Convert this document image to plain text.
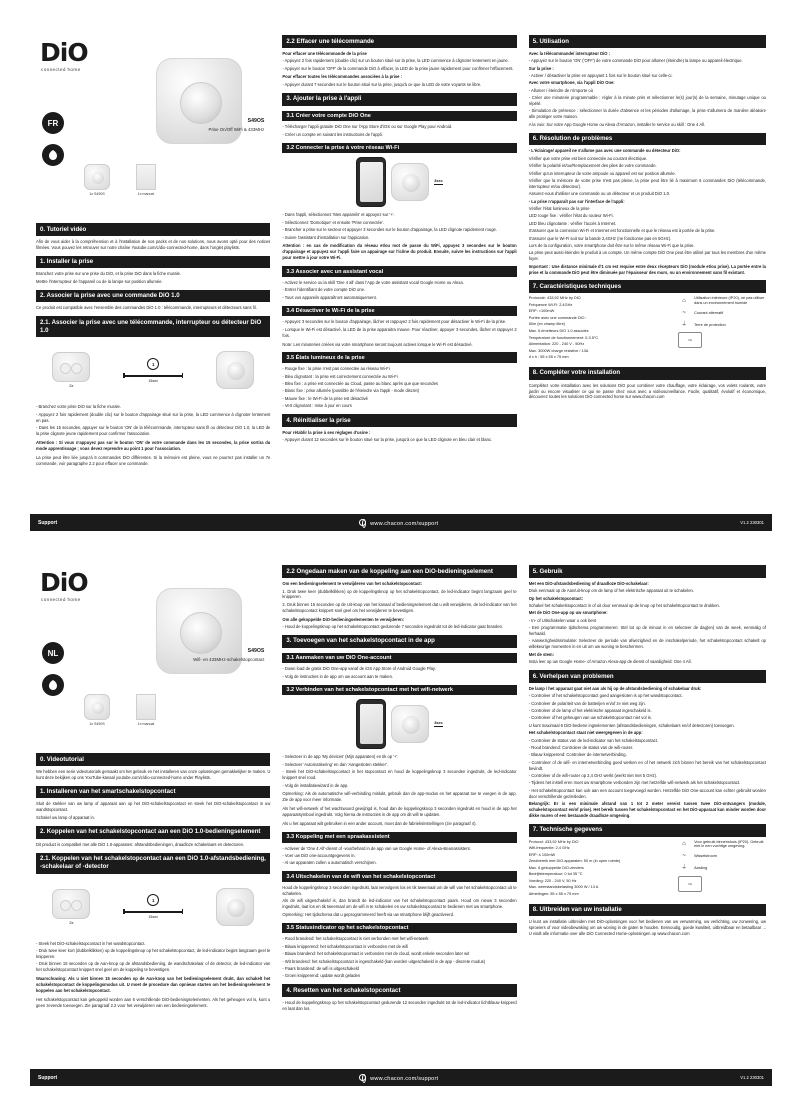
DiO
connected home
FR	S49OS
Prise On/Off WiFi & 433MHz
1x S490S	1x manuel
0. Tutoriel vidéo

Afin de vous aider à la compréhension et à l'installation de nos packs et de nos solutions, nous avons opté pour des notices filmées. Vous pouvez les retrouver sur notre chaîne Youtube.com/c/dio-connected-home, dans l'onglet playlists.

1. Installer la prise

Branchez votre prise sur une prise du DiO, et la prise DiO dans la fiche murale.

Mettre l'interrupteur de l'appareil ou de la lampe sur position allumée.

2. Associer la prise avec une commande DiO 1.0

Ce produit est compatible avec l'ensemble des commandes DiO 1.0 : télécommande, interrupteurs et détecteurs sans fil.

2.1. Associer la prise avec une télécommande, interrupteur ou détecteur DiO 1.0
2x
1
15sec

- Branchez votre prise DiO sur la fiche murale.

- Appuyez 2 fois rapidement (double clic) sur le bouton d'appairage situé sur la prise, la LED commence à clignoter lentement en pas.

- Dans les 15 secondes, appuyer sur le bouton 'ON' de la télécommande, interrupteur sans fil ou détecteur DiO 1.0, la LED de la prise clignote jeune rapidement pour confirmer l'association.

Attention : Si vous n'appuyez pas sur le bouton 'ON' de votre commande dans les 15 secondes, la prise sortira du mode apprentissage ; vous devez reprendre au point 1 pour l'association.

La prise peut être liée jusqu'à 6 commandes DiO différentes. Si la mémoire est pleine, vous ne pourrez pas installer un 7e commande, voir paragraphe 2.2 pour effacer une commande.

2.2 Effacer une télécommande

Pour effacer une télécommande de la prise

- Appuyez 2 fois rapidement (double clic) sur un bouton situé sur la prise, la LED commence à clignoter lentement en jaune.

- Appuyer sur le bouton 'OFF' de la commande DiO à effacer, la LED de la prise jaune rapidement pour confirmer l'effacement.

Pour effacer toutes les télécommandes associées à la prise :

- Appuyer durant 7 secondes sur le bouton situé sur la prise, jusqu'à ce que la LED de votre voyants se libre.

3. Ajouter la prise à l'appli
3.1 Créer votre compte DiO One

- Télécharger l'appli gratuite DiO One sur l'App Store d'iOS ou sur Google Play pour Android.

- Créer un compte en suivant les instructions de l'appli.

3.2 Connecter la prise à votre réseau Wi-Fi
3sec

- Dans l'appli, sélectionnez 'Mes appareils' et appuyez sur '+'.

- Sélectionnez 'Domotique' et ensuite 'Prise connectée'.

- Brancher a prise sur le secteur et appuyer 3 secondes sur le bouton d'appairage, la LED clignote rapidement rouge.

- Suivre l'assistant d'installation sur l'appication.

Attention : en cas de modification du réseau et/ou mot de passe du WiFi, appuyez 3 secondes sur le bouton d'appairage et appuyez sur l'appli faire un appairage sur l'icône du produit. Ensuite, suivre les instructions sur l'appli pour mettre à jour votre Wi-Fi.

3.3 Associer avec un assistant vocal

- Activez le service ou la skill 'One 4 all' dans l'App de votre assistant vocal Google Home ou Alexa.

- Entrer l'identifiant de votre compte DiO one.

- Tous vos appareils apparaîtront automatiquement.

3.4 Désactiver le Wi-Fi de la prise

- Appuyez 3 secondes sur le bouton d'appairage, lâcher et rappuyez 2 fois rapidement pour désactiver le Wi-Fi de la prise.

- Lorsque le Wi-Fi est désactivé, la LED de la prise apparaitra mauve. Pour réactiver, appuyer 3 secondes, lâcher et rappuyer 2 fois.

Note: Les minuteries créées via votre smartphone seront toujours actives lorsque le Wi-Fi est désactivé.

3.5 États lumineux de la prise

- Rouge fixe : la prise n'est pas connectée au réseau Wi-Fi

- Bleu clignotant : la prise est correctement connectée au Wi-Fi

- Bleu fixe : a prise est connectée au Cloud, passe au blanc après que que secondes

- Blanc fixe : prise allumée (possible de l'éteindre via l'appli - mode discret)

- Mauve fixe : le Wi-Fi de la prise est désactivé

- Vert clignotant : mise à jour en cours

4. Réinitialiser la prise

Pour rétablir la prise à ses réglages d'usine :

- Appuyer durant 12 secondes sur le bouton situé sur la prise, jusqu'à ce que la LED clignote en bleu clair et blanc.

5. Utilisation

Avec la télécommande/ interrupteur DiO :

- Appuyez sur le bouton 'ON' ('OFF') de votre commande DiO pour allumer (éteindre) la lampe ou appareil électrique.

Sur la prise :

- Activer / désactiver la prise en appuyant 1 fois sur le bouton situé sur celle-ci.

Avec votre smartphone, via l'appli DiO One:

- Allumer / éteindre de n'importe où

- Créer une minuterie programmable : régler à la minute près et sélectionner le(s) jour(s) de la semaine, minutage unique ou répété.

- Simulation de présence : sélectionner la durée d'absence et les périodes d'allumage, la prise s'allumera de manière aléatoire afin protéger votre maison.

A la voix: Sur votre App Google Home ou Alexa d'Amazon, installer le service ou skill : One 4 All.

6. Résolution de problèmes

- L'éclairage/ appareil ne s'allume pas avec une commande ou détecteur DiO:

Vérifier que votre prise est bien connectée au courant électrique.

Vérifier la polarité et/ou/Remplacement des piles de votre commande.

Vérifier qu'un interrupteur de votre ampoule ou appareil est sur position allumée.

Vérifier que la mémoire de votre prise n'est pas pleine, la prise peut être lié à maximum 6 commandes DiO (télécommande, interrupteur et/ou détecteur).

Assurez-vous d'utiliser une commande ou un détecteur et un produit DiO 1.0.

- La prise n'apparaît pas sur l'interface de l'appli:

Vérifier l'état lumineux de la prise

LED rouge fixe : vérifier l'état du routeur Wi-Fi.

LED bleu clignotante : vérifier l'accès à Internet.

S'assurer que la connexion Wi-Fi et Internet est fonctionnelle et que le réseau est à portée de la prise.

S'assurer que le Wi-Fi soit sur la bande 2,4GHz (ne fonctionne pas en 5GHz).

Lors de la configuration, votre smartphone doit être sur le même réseau Wi-Fi que la prise.

La prise peut aussi éteindre le produit à un compte. Un même compte DiO One peut être utilisé par tous les membres d'un même foyer.

Important : Une distance minimale d'1 cm est requise entre deux récepteurs DiO (module et/ou prise). La portée entre la prise et la commande DiO peut être diminuée par l'épaisseur des murs, ou un environnement sans fil existant.

7. Caractéristiques techniques
Protocole: 433,92 MHz by DiO
Fréquence Wi-Fi: 2,4GHz
ERP: <100mW
Portée avec une commande DiO :
50m (en champ libre)
Max. 6 émetteurs DiO 1.0 associés
Température de fonctionnement: 0-3.5°C
Alimentation: 220 - 240 V - 50Hz
Max. 3000W charge résistive / 13A
d x h : 55 x 55 x 75 mm
⌂	Utilisation intérieure (IP20), ne pas utiliser dans un environnement humide
~	Courant alternatif
⏚	Terre de protection
CE
8. Compléter votre installation

Complétez votre installation avec les solutions DiO pour combiner votre chauffage, votre éclairage, vos volets roulants, votre jardin ou encore visualiser ce qui se passe chez vous avec a vidéosurveillance. Facile, qualitatif, évolutif et économique, découvrez toutes les solutions DiO connected home sur www.chacon.com

Support	www.chacon.com/support	V1.2 230301
DiO
connected home
NL	S49OS
Wifi- en 433MHz-schakelstopcontact
1x S490S	1x manual
0. Videotutorial

We hebben een serie videotutorials gemaakt om het gebruik en het installeren van onze oplossingen gemakkelijker te maken. U kunt deze bekijken op ons YouTube-kanaal youtube.com/c/dio-connected-home onder Playlists.

1. Installeren van het smartschakelstopcontact

Sluit de stekker van uw lamp of apparaat aan op het DiO-schakelstopcontact en steek het DiO-schakelstopcontact in uw wandstopcontact.

Schakel uw lamp of apparaat in.

2. Koppelen van het schakelstopcontact aan een DiO 1.0-bedieningselement

Dit product is compatibel met alle DiO 1.0-apparaten: afstandsbedieningen, draadloze schakelaars en detectoren.

2.1. Koppelen van het schakelstopcontact aan een DiO 1.0-afstandsbediening, -schakelaar of -detector
2x
1
15sec

- Steek het DiO-schakelstopcontact in het wandstopcontact.

- Druk twee keer kort (dubbelklikken) op de koppelingsknop op het schakelstopcontact, de led-indicator begint langzaam geel te knipperen.

- Druk binnen 15 seconden op de Aan-knop op de afstandsbediening, de wandschakelaar of de detector, de led-indicator van het schakelstopcontact knippert snel geel om de koppeling te bevestigen.

Waarschuwing: Als u niet binnen 15 seconden op de Aan-knop van het bedieningselement drukt, dan schakelt het schakelstopcontact de koppelingsmodus uit. U moet de procedure dan opnieuw starten om het bedieningselement te koppelen aan het schakelstopcontact.

Het schakelstopcontact kan gekoppeld worden aan 6 verschillende DiO-bedieningselementen. Als het geheugen vol is, kunt u geen zevende toevoegen. Zie paragraaf 2.2 voor het verwijderen van een bedieningselement.

2.2 Ongedaan maken van de koppeling aan een DiO-bedieningselement

Om een bedieningselement te verwijderen van het schakelstopcontact:

1. Druk twee keer (dubbelklikken) op de koppelingsknop op het schakelstopcontact, de led-indicator begint langzaam geel te knipperen.

2. Druk binnen 15 seconden op de Uit-knop van het kanaal of bedieningselement dat u wilt verwijderen, de led-indicator van het schakelstopcontact knippert snel geel om het verwijderen te bevestigen.

Om alle gekoppelde DiO-bedieningselementen te verwijderen:

- Houd de koppelingsknop op het schakelstopcontact gedurende 7 seconden ingedrukt tot de led-indicator gaat branden.

3. Toevoegen van het schakelstopcontact in de app
3.1 Aanmaken van uw DiO One-account

- Down load de gratis DiO One-app vanaf de iOS App Store of Android Google Play.

- Volg de instructies in de app om uw account aan te maken.

3.2 Verbinden van het schakelstopcontact met het wifi-netwerk
3sec

- Selecteer in de app 'My devices' (Mijn apparaten) en tik op '+'.

- Selecteer 'Automatisering' en dan 'Aangesloten stekker'.

- Steek het DiO-schakelstopcontact in het stopcontact en houd de koppelingsknop 3 seconden ingedrukt, de led-indicator knippert snel rood.

- Volg de installatiewizard in de app.

Opmerking: Als de automatische wifi-verbinding mislukt, gebruik dan de app-modus en het apparaat toe te voegen in de app. Zie de app voor meer informatie.

Als het wifi-netwerk of het wachtwoord gewijzigd is, houd dan de koppelingsknop 3 seconden ingedrukt en houd in de app het apparaatsymbool ingedrukt. Volg hierna de instructies in de app om dit wifi te updaten.

Als u het apparaat wilt gebruiken in een ander account, moet dan de fabrieksinstellingen (zie paragraaf 4).

3.3 Koppeling met een spraakassistent

- Activeer de 'One 4 All'-dienst of -voorbehard in de app van uw Google Home- of Alexa-steunassistent.

- Voer uw DiO one-accountgegevens in.

- Al uw apparaten zullen u automatisch verschijnen.

3.4 Uitschakelen van de wifi van het schakelstopcontact

Houd de koppelingsknop 3 seconden ingedrukt, laat vervolgens los en tik tweemaal om de wifi van het schakelstopcontact uit te schakelen.

Als de wifi uitgeschakeld is, dan brandt de led-indicator van het schakelstopcontact paars. Houd om nieuw 3 seconden ingedrukt, laat los en tik tweemaal om de wifi in te schakelen en uw schakelstopcontact te bedienen met uw smartphone.

Opmerking: Het tijdschema dat u geprogrammeerd heeft via uw smartphone blijft geactiveerd.

3.5 Statusindicator op het schakelstopcontact

- Rood brandend: het schakelstopcontact is niet verbonden met het wifi-netwerk

- Blauw knipperend: het schakelstopcontact is verbonden met de wifi

- Blauw brandend: het schakelstopcontact is verbonden met de cloud, wordt enkele seconden later wit

- Wit brandend: het schakelstopcontact is ingeschakeld (kan worden uitgeschakeld in de app - discrete modus)

- Paars brandend: de wifi is uitgeschakeld

- Groen knipperend: update wordt geladen

4. Resetten van het schakelstopcontact

- Houd de koppelingsknop op het schakelstopcontact gedurende 12 seconden ingedrukt tot de led-indicator lichtblauw knipperd en laat dan los.

5. Gebruik

Met een DiO-afstandsbediening of draadloze DiO-schakelaar:

Druk eenmaal op de Aan/uit-knop om de lamp of het elektrische apparaat uit te schakelen.

Op het schakelstopcontact:

Schakel het schakelstopcontact in of uit door eenmaal op de knop op het schakelstopcontact te drukken.

Met de DiO One-app op uw smartphone:

- In- of Uitschakelen waar u ook bent

- Een programmatie tijdschema programmeren: Stel tot op de minuut in en selecteer de dag(en) van de week, eenmalig of herhaald.

- Aanwezigheidssimulatie: Selecteer de periode van afwezigheid en de inschakelperiode, het schakelstopcontact schakelt op willekeurige momenten in en uit om uw woning te beschermen.

Met de stem:

Insta leer op uw Google Home- of Amazon Alexa-app de dienst of vaardigheid: One 4 All.

6. Verhelpen van problemen

De lamp / het apparaat gaat niet aan als hij op de afstandsbediening of schakelaar druk:

- Controleer of het schakelstopcontact goed aangesloten is op het wandstopcontact.

- Controleer de polariteit van de batterijen en/of ze niet weg zijn.

- Controleer of de lamp of het elektrische apparaat ingeschakeld is.

- Controleer of het geheugen van uw schakelstopcontact niet vol is.

U kunt maximaal 6 DiO-bediene ingselementen (afstandsbedieningen, schakelaars en/of detectoren) toevoegen.

Het schakelstopcontact staat niet weergegeven in de app:

- Controleer de status van de led-indicator van het schakelstopcontact.

- Rood brandend: Controleer de status van de wifi-router.

- Blauw knipperend: Controleer de internetverbinding.

- Controleer of de wifi- en internetverbinding goed werken en of het netwerk zich binnen het bereik van het schakelstopcontact bevindt.

- Controleer of de wifi-router op 2,4 GHz werkt (werkt niet met 5 GHz).

- Tijdens het instell eren moet uw smartphone verbonden zijn met hetzelfde wifi-netwerk als het schakelstopcontact.

- Het schakelstopcontact kan ook aan een account toegevoegd worden. Hetzelfde DiO One-account kan echter gebruikt worden door verschillende gezinsleden.

Belangrijk: Er is een minimale afstand van 1 tot 2 meter vereist tussen twee DiO-ontvangers (module, schakelstopcontact en/of prise). Het bereik tussen het schakelstopcontact en het DiO-apparaat kan minder worden door dikke muren of een bestaande draadloze omgeving.

7. Technische gegevens
Protocol: 433,92 MHz by DiO
Wifi-frequentie: 2,4 GHz
ERP: ≤ 100mW
Zendbereik met DiO-apparaten: 50 m (in open ruimte)
Max. 6 gekoppelde DiO-zenders
Bedrijfstemperatuur: 0 tot 35 °C
Voeding: 220 - 240 V, 50 Hz
Max. weerstandsbelasting 3000 W / 13 A
Afmetingen: 55 x 55 x 75 mm
⌂	Voor gebruik binnenshuis (IP20). Gebruik niet in een vochtige omgeving.
~	Wisselstroom
⏚	Aarding
CE
8. Uitbreiden van uw installatie

U kunt uw installatie uitbreiden met DiO-oplossingen voor het bedienen van uw verwarming, uw verlichting, uw zonwering, uw sproeiers of voor videobewaking om uw woning in de gaten te houden. Eenvoudig, goede kwaliteit, uitbreidbaar en betaalbaar ... U vindt alle informatie over alle DiO Connected Home-oplossingen op www.chacon.com

Support	www.chacon.com/support	V1.2 230301
